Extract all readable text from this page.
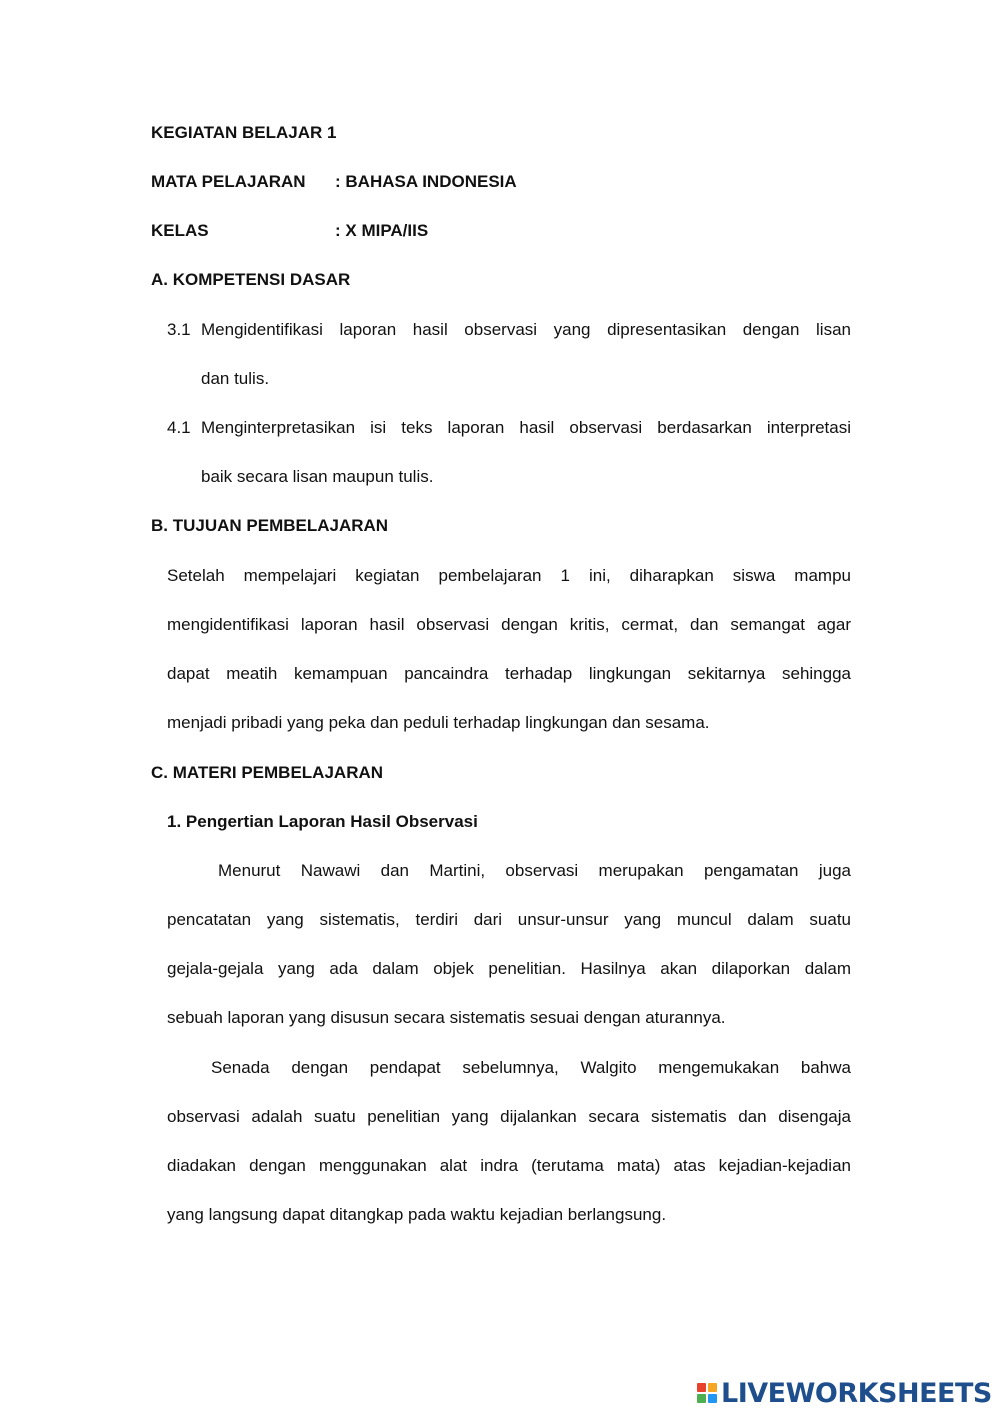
KEGIATAN BELAJAR 1
MATA PELAJARAN : BAHASA INDONESIA
KELAS	: X MIPA/IIS
A. KOMPETENSI DASAR
3.1 Mengidentifikasi laporan hasil observasi yang dipresentasikan dengan lisan
dan tulis.
4.1 Menginterpretasikan isi teks laporan hasil observasi berdasarkan interpretasi
baik secara lisan maupun tulis.
B. TUJUAN PEMBELAJARAN
Setelah mempelajari kegiatan pembelajaran 1 ini, diharapkan siswa mampu
mengidentifikasi laporan hasil observasi dengan kritis, cermat, dan semangat agar
dapat meatih kemampuan pancaindra terhadap lingkungan sekitarnya sehingga
menjadi pribadi yang peka dan peduli terhadap lingkungan dan sesama.
C. MATERI PEMBELAJARAN
1. Pengertian Laporan Hasil Observasi
Menurut Nawawi dan Martini, observasi merupakan pengamatan juga
pencatatan yang sistematis, terdiri dari unsur-unsur yang muncul dalam suatu
gejala-gejala yang ada dalam objek penelitian. Hasilnya akan dilaporkan dalam
sebuah laporan yang disusun secara sistematis sesuai dengan aturannya.
Senada dengan pendapat sebelumnya, Walgito mengemukakan bahwa
observasi adalah suatu penelitian yang dijalankan secara sistematis dan disengaja
diadakan dengan menggunakan alat indra (terutama mata) atas kejadian-kejadian
yang langsung dapat ditangkap pada waktu kejadian berlangsung.
LIVEWORKSHEETS
